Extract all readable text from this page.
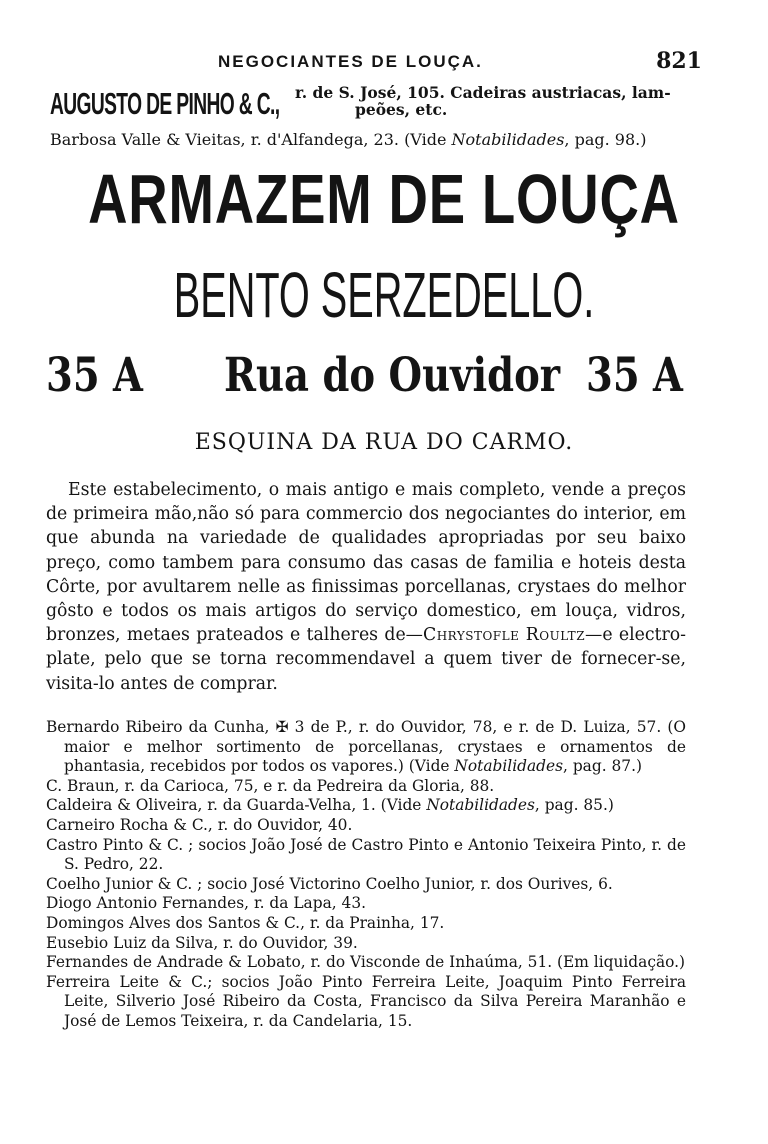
NEGOCIANTES DE LOUÇA.	821
AUGUSTO DE PINHO & C., r. de S. José, 105. Cadeiras austriacas, lam-
peões, etc.
Barbosa Valle & Vieitas, r. d'Alfandega, 23. (Vide Notabilidades, pag. 98.)
ARMAZEM DE LOUÇA
BENTO SERZEDELLO.
35 A Rua do Ouvidor 35 A
ESQUINA DA RUA DO CARMO.

Este estabelecimento, o mais antigo e mais completo, vende a preços de primeira mão,não só para commercio dos negociantes do interior, em que abunda na variedade de qualidades apropriadas por seu baixo preço, como tambem para consumo das casas de familia e hoteis desta Côrte, por avultarem nelle as finissimas porcellanas, crystaes do melhor gôsto e todos os mais artigos do serviço domestico, em louça, vidros, bronzes, metaes prateados e talheres de—Chrystofle Roultz—e electro-plate, pelo que se torna recommendavel a quem tiver de fornecer-se, visita-lo antes de comprar.

Bernardo Ribeiro da Cunha, ✠ 3 de P., r. do Ouvidor, 78, e r. de D. Luiza, 57. (O maior e melhor sortimento de porcellanas, crystaes e ornamentos de phantasia, recebidos por todos os vapores.) (Vide Notabilidades, pag. 87.)

C. Braun, r. da Carioca, 75, e r. da Pedreira da Gloria, 88.

Caldeira & Oliveira, r. da Guarda-Velha, 1. (Vide Notabilidades, pag. 85.)

Carneiro Rocha & C., r. do Ouvidor, 40.

Castro Pinto & C. ; socios João José de Castro Pinto e Antonio Teixeira Pinto, r. de S. Pedro, 22.

Coelho Junior & C. ; socio José Victorino Coelho Junior, r. dos Ourives, 6.

Diogo Antonio Fernandes, r. da Lapa, 43.

Domingos Alves dos Santos & C., r. da Prainha, 17.

Eusebio Luiz da Silva, r. do Ouvidor, 39.

Fernandes de Andrade & Lobato, r. do Visconde de Inhaúma, 51. (Em liquidação.)

Ferreira Leite & C.; socios João Pinto Ferreira Leite, Joaquim Pinto Ferreira Leite, Silverio José Ribeiro da Costa, Francisco da Silva Pereira Maranhão e José de Lemos Teixeira, r. da Candelaria, 15.
